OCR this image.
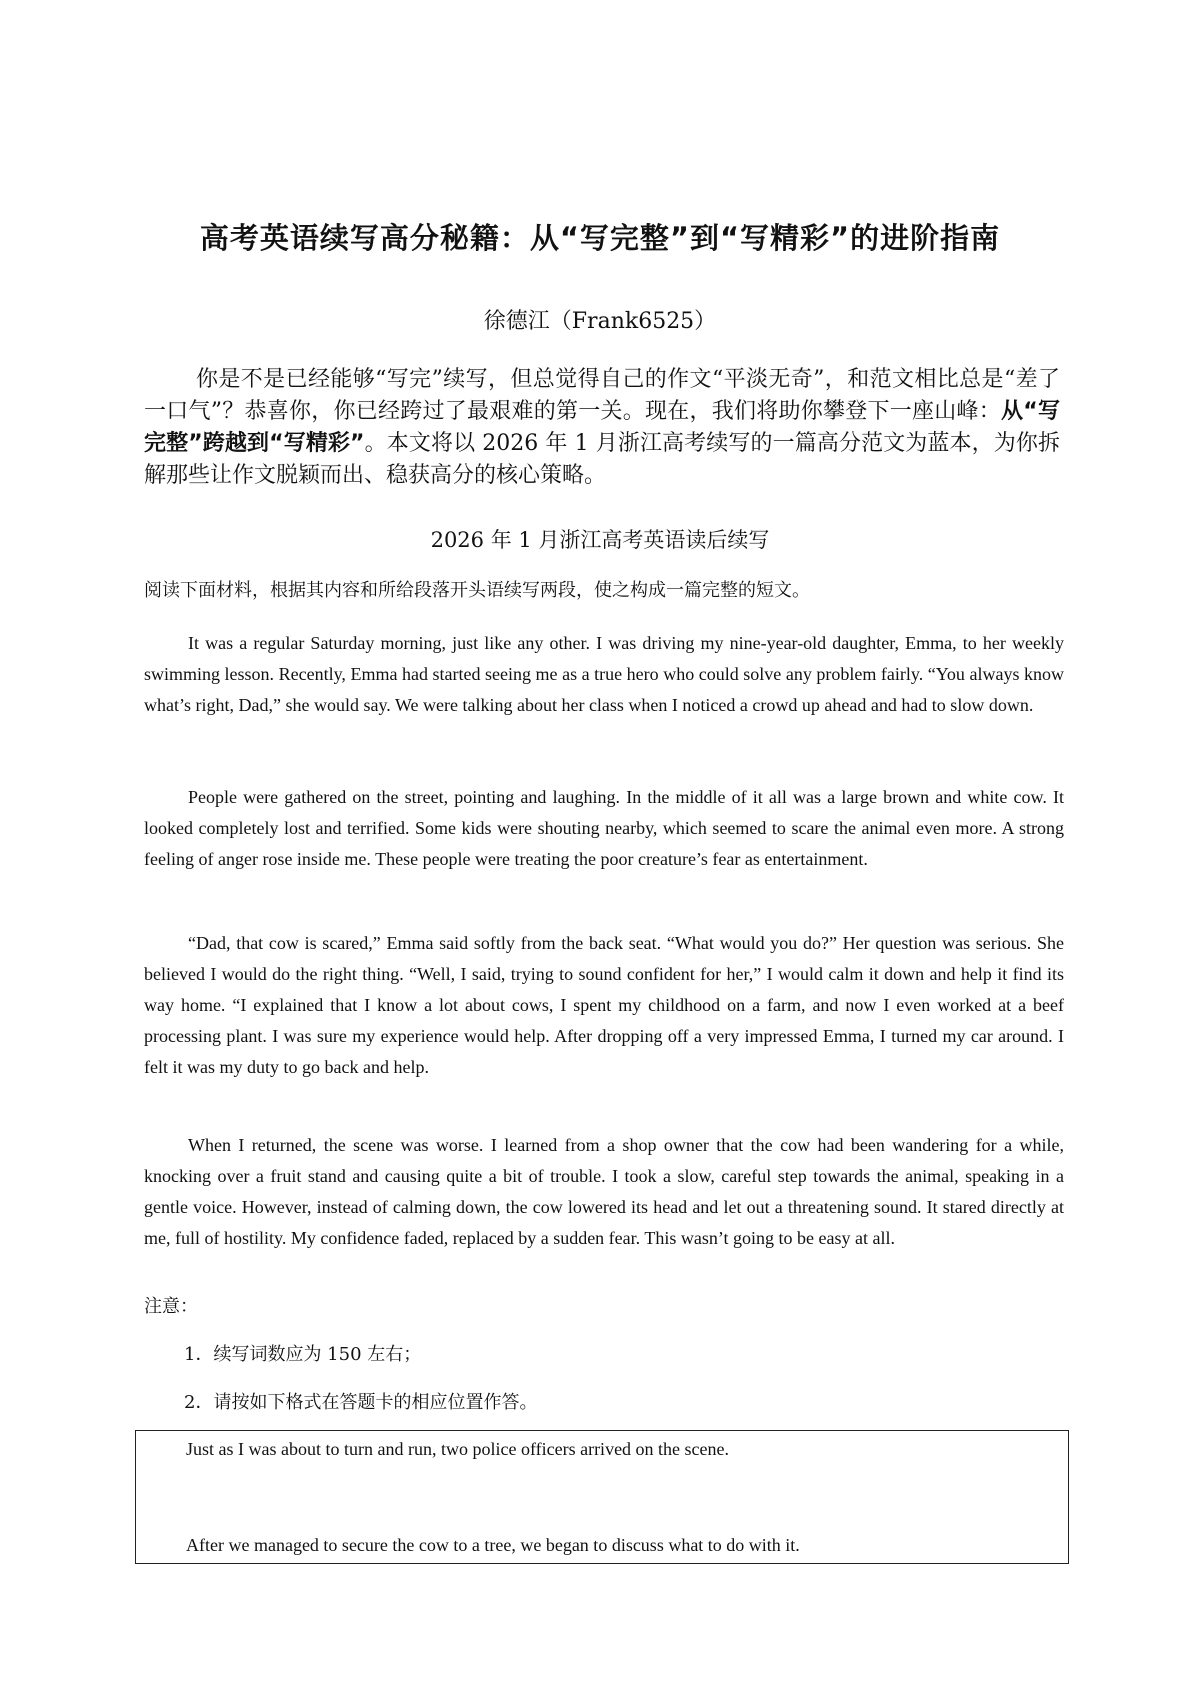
高考英语续写高分秘籍：从“写完整”到“写精彩”的进阶指南
徐德江（Frank6525）

你是不是已经能够“写完”续写，但总觉得自己的作文“平淡无奇”，和范文相比总是“差了一口气”？恭喜你，你已经跨过了最艰难的第一关。现在，我们将助你攀登下一座山峰：从“写完整”跨越到“写精彩”。本文将以 2026 年 1 月浙江高考续写的一篇高分范文为蓝本，为你拆解那些让作文脱颖而出、稳获高分的核心策略。

2026 年 1 月浙江高考英语读后续写
阅读下面材料，根据其内容和所给段落开头语续写两段，使之构成一篇完整的短文。

It was a regular Saturday morning, just like any other. I was driving my nine-year-old daughter, Emma, to her weekly swimming lesson. Recently, Emma had started seeing me as a true hero who could solve any problem fairly. “You always know what’s right, Dad,” she would say. We were talking about her class when I noticed a crowd up ahead and had to slow down.

People were gathered on the street, pointing and laughing. In the middle of it all was a large brown and white cow. It looked completely lost and terrified. Some kids were shouting nearby, which seemed to scare the animal even more. A strong feeling of anger rose inside me. These people were treating the poor creature’s fear as entertainment.

“Dad, that cow is scared,” Emma said softly from the back seat. “What would you do?” Her question was serious. She believed I would do the right thing. “Well, I said, trying to sound confident for her,” I would calm it down and help it find its way home. “I explained that I know a lot about cows, I spent my childhood on a farm, and now I even worked at a beef processing plant. I was sure my experience would help. After dropping off a very impressed Emma, I turned my car around. I felt it was my duty to go back and help.

When I returned, the scene was worse. I learned from a shop owner that the cow had been wandering for a while, knocking over a fruit stand and causing quite a bit of trouble. I took a slow, careful step towards the animal, speaking in a gentle voice. However, instead of calming down, the cow lowered its head and let out a threatening sound. It stared directly at me, full of hostility. My confidence faded, replaced by a sudden fear. This wasn’t going to be easy at all.

注意：
1．续写词数应为 150 左右；
2．请按如下格式在答题卡的相应位置作答。
Just as I was about to turn and run, two police officers arrived on the scene.
After we managed to secure the cow to a tree, we began to discuss what to do with it.
